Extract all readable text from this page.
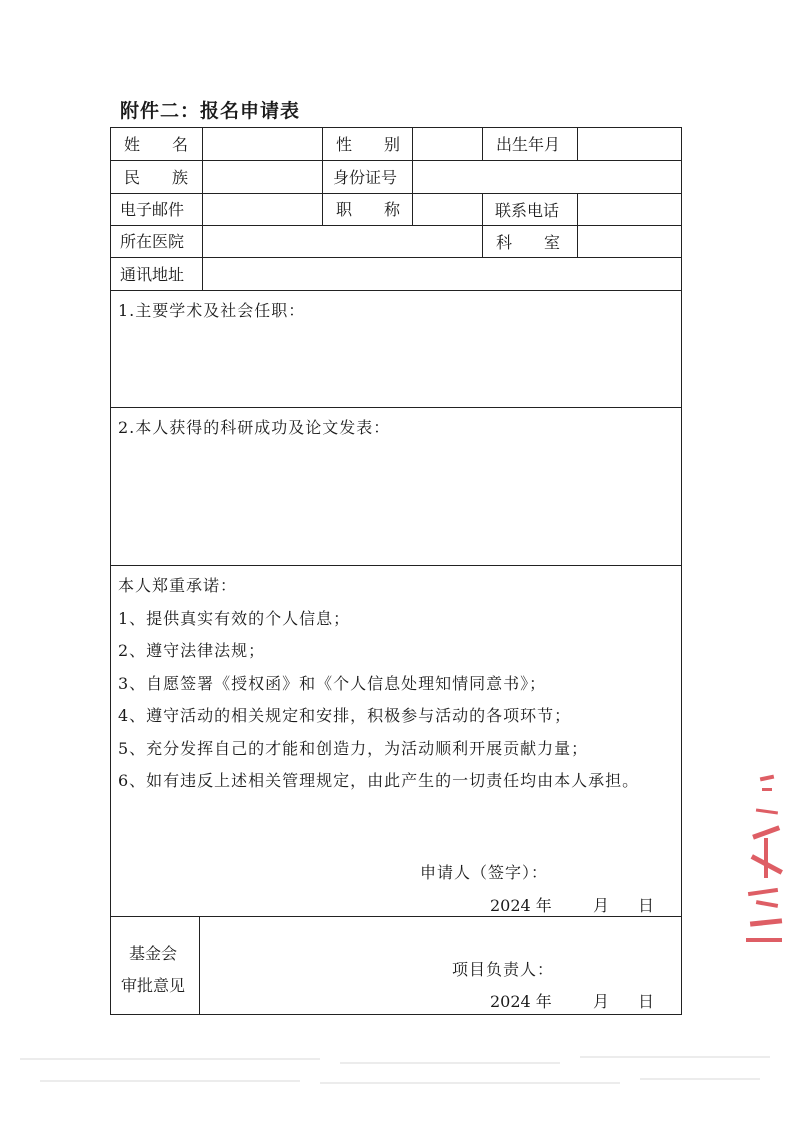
附件二：报名申请表
姓　　名	性　　别	出生年月
民　　族	身份证号
电子邮件	职　　称	联系电话
所在医院	科　　室
通讯地址
1.主要学术及社会任职：
2.本人获得的科研成功及论文发表：
本人郑重承诺：
1、提供真实有效的个人信息；
2、遵守法律法规；
3、自愿签署《授权函》和《个人信息处理知情同意书》；
4、遵守活动的相关规定和安排，积极参与活动的各项环节；
5、充分发挥自己的才能和创造力，为活动顺利开展贡献力量；
6、如有违反上述相关管理规定，由此产生的一切责任均由本人承担。
申请人（签字）：
2024 年	月 日
基金会
审批意见
项目负责人：
2024 年	月 日
